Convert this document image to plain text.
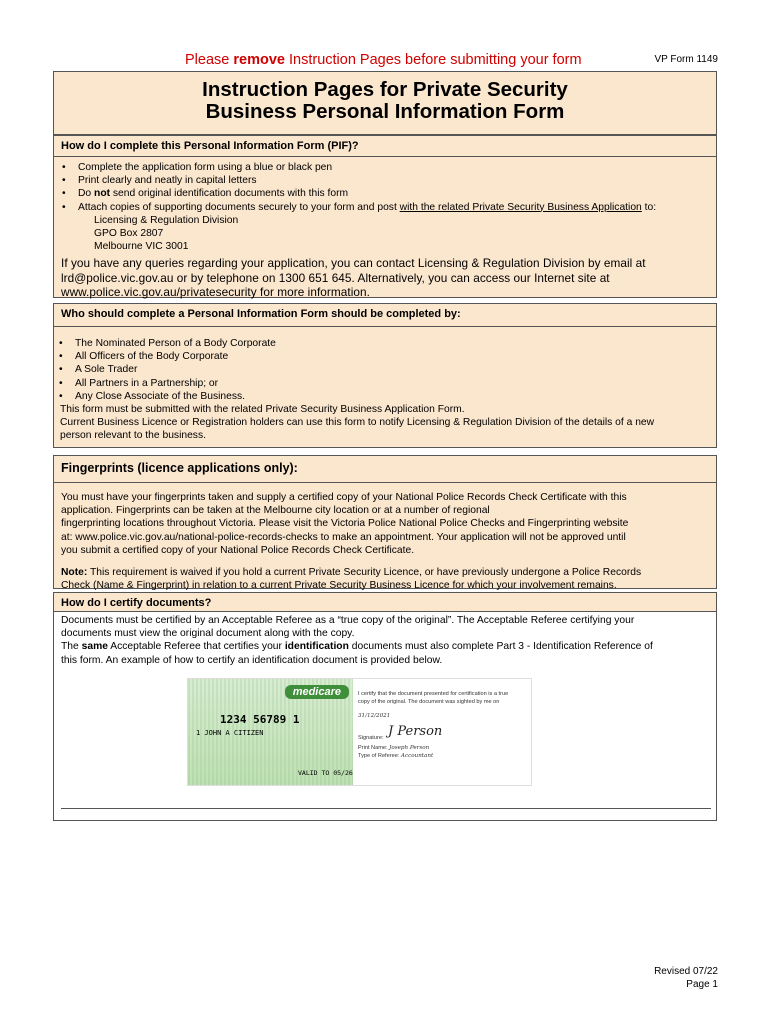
Please remove Instruction Pages before submitting your form	VP Form 1149
Instruction Pages for Private Security
Business Personal Information Form
How do I complete this Personal Information Form (PIF)?
• Complete the application form using a blue or black pen
• Print clearly and neatly in capital letters
• Do not send original identification documents with this form
• Attach copies of supporting documents securely to your form and post with the related Private Security Business Application to:
Licensing & Regulation Division
GPO Box 2807
Melbourne VIC 3001
If you have any queries regarding your application, you can contact Licensing & Regulation Division by email at
lrd@police.vic.gov.au or by telephone on 1300 651 645. Alternatively, you can access our Internet site at
www.police.vic.gov.au/privatesecurity for more information.
Who should complete a Personal Information Form should be completed by:
• The Nominated Person of a Body Corporate
• All Officers of the Body Corporate
• A Sole Trader
• All Partners in a Partnership; or
• Any Close Associate of the Business.
This form must be submitted with the related Private Security Business Application Form.
Current Business Licence or Registration holders can use this form to notify Licensing & Regulation Division of the details of a new
person relevant to the business.
Fingerprints (licence applications only):
You must have your fingerprints taken and supply a certified copy of your National Police Records Check Certificate with this
application. Fingerprints can be taken at the Melbourne city location or at a number of regional
fingerprinting locations throughout Victoria. Please visit the Victoria Police National Police Checks and Fingerprinting website
at: www.police.vic.gov.au/national-police-records-checks to make an appointment. Your application will not be approved until
you submit a certified copy of your National Police Records Check Certificate.
Note: This requirement is waived if you hold a current Private Security Licence, or have previously undergone a Police Records
Check (Name & Fingerprint) in relation to a current Private Security Business Licence for which your involvement remains.
How do I certify documents?
Documents must be certified by an Acceptable Referee as a “true copy of the original”. The Acceptable Referee certifying your
documents must view the original document along with the copy.
The same Acceptable Referee that certifies your identification documents must also complete Part 3 - Identification Reference of
this form. An example of how to certify an identification document is provided below.
medicare
1234 56789 1
1 JOHN A CITIZEN
VALID TO 05/26
I certify that the document presented for certification is a true
copy of the original. The document was sighted by me on
31/12/2021
Signature: J Person
Print Name: Joseph Person
Type of Referee: Accountant
Revised 07/22
Page 1
